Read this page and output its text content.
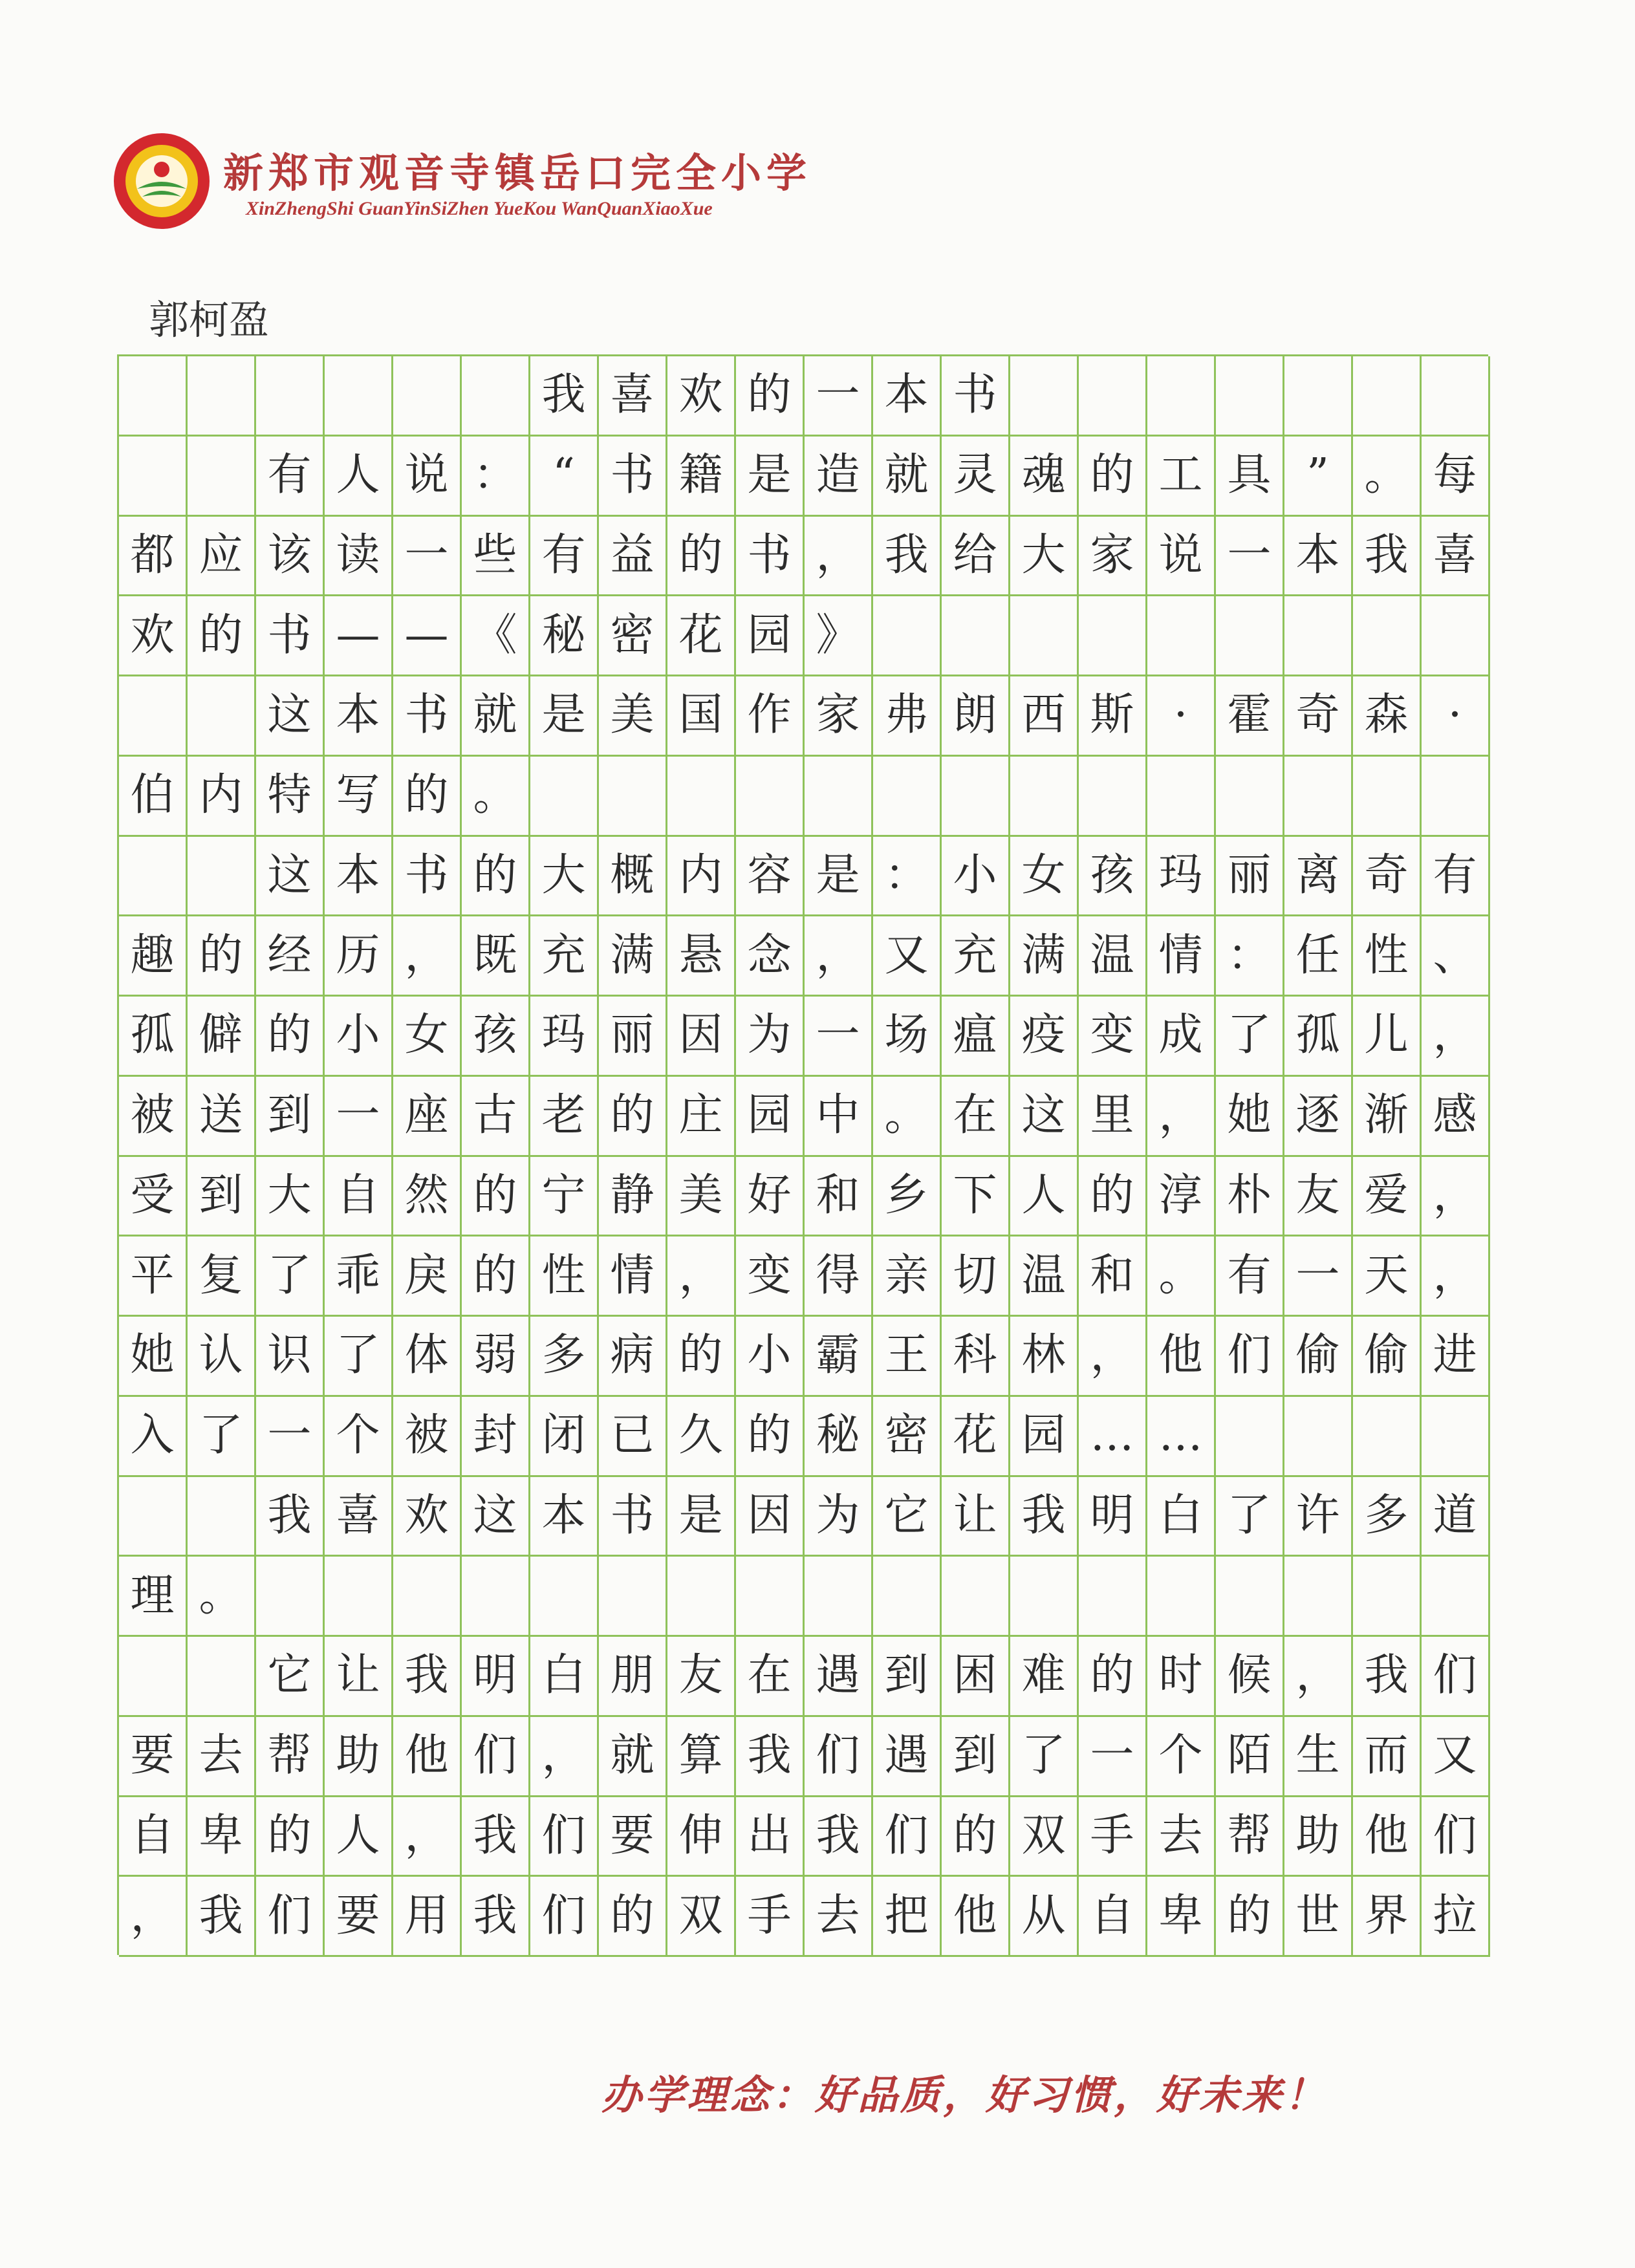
新郑市观音寺镇岳口完全小学
XinZhengShi GuanYinSiZhen YueKou WanQuanXiaoXue
郭柯盈
我 喜 欢 的 一 本 书
有 人 说 ： “ 书 籍 是 造 就 灵 魂 的 工 具 ” 。 每
都 应 该 读 一 些 有 益 的 书 ， 我 给 大 家 说 一 本 我 喜
欢 的 书 — — 《 秘 密 花 园 》
这 本 书 就 是 美 国 作 家 弗 朗 西 斯 · 霍 奇 森 ·
伯 内 特 写 的 。
这 本 书 的 大 概 内 容 是 ： 小 女 孩 玛 丽 离 奇 有
趣 的 经 历 ， 既 充 满 悬 念 ， 又 充 满 温 情 ： 任 性 、
孤 僻 的 小 女 孩 玛 丽 因 为 一 场 瘟 疫 变 成 了 孤 儿 ，
被 送 到 一 座 古 老 的 庄 园 中 。 在 这 里 ， 她 逐 渐 感
受 到 大 自 然 的 宁 静 美 好 和 乡 下 人 的 淳 朴 友 爱 ，
平 复 了 乖 戾 的 性 情 ， 变 得 亲 切 温 和 。 有 一 天 ，
她 认 识 了 体 弱 多 病 的 小 霸 王 科 林 ， 他 们 偷 偷 进
入 了 一 个 被 封 闭 已 久 的 秘 密 花 园 … …
我 喜 欢 这 本 书 是 因 为 它 让 我 明 白 了 许 多 道
理 。
它 让 我 明 白 朋 友 在 遇 到 困 难 的 时 候 ， 我 们
要 去 帮 助 他 们 ， 就 算 我 们 遇 到 了 一 个 陌 生 而 又
自 卑 的 人 ， 我 们 要 伸 出 我 们 的 双 手 去 帮 助 他 们
， 我 们 要 用 我 们 的 双 手 去 把 他 从 自 卑 的 世 界 拉
办学理念：好品质，好习惯，好未来！
